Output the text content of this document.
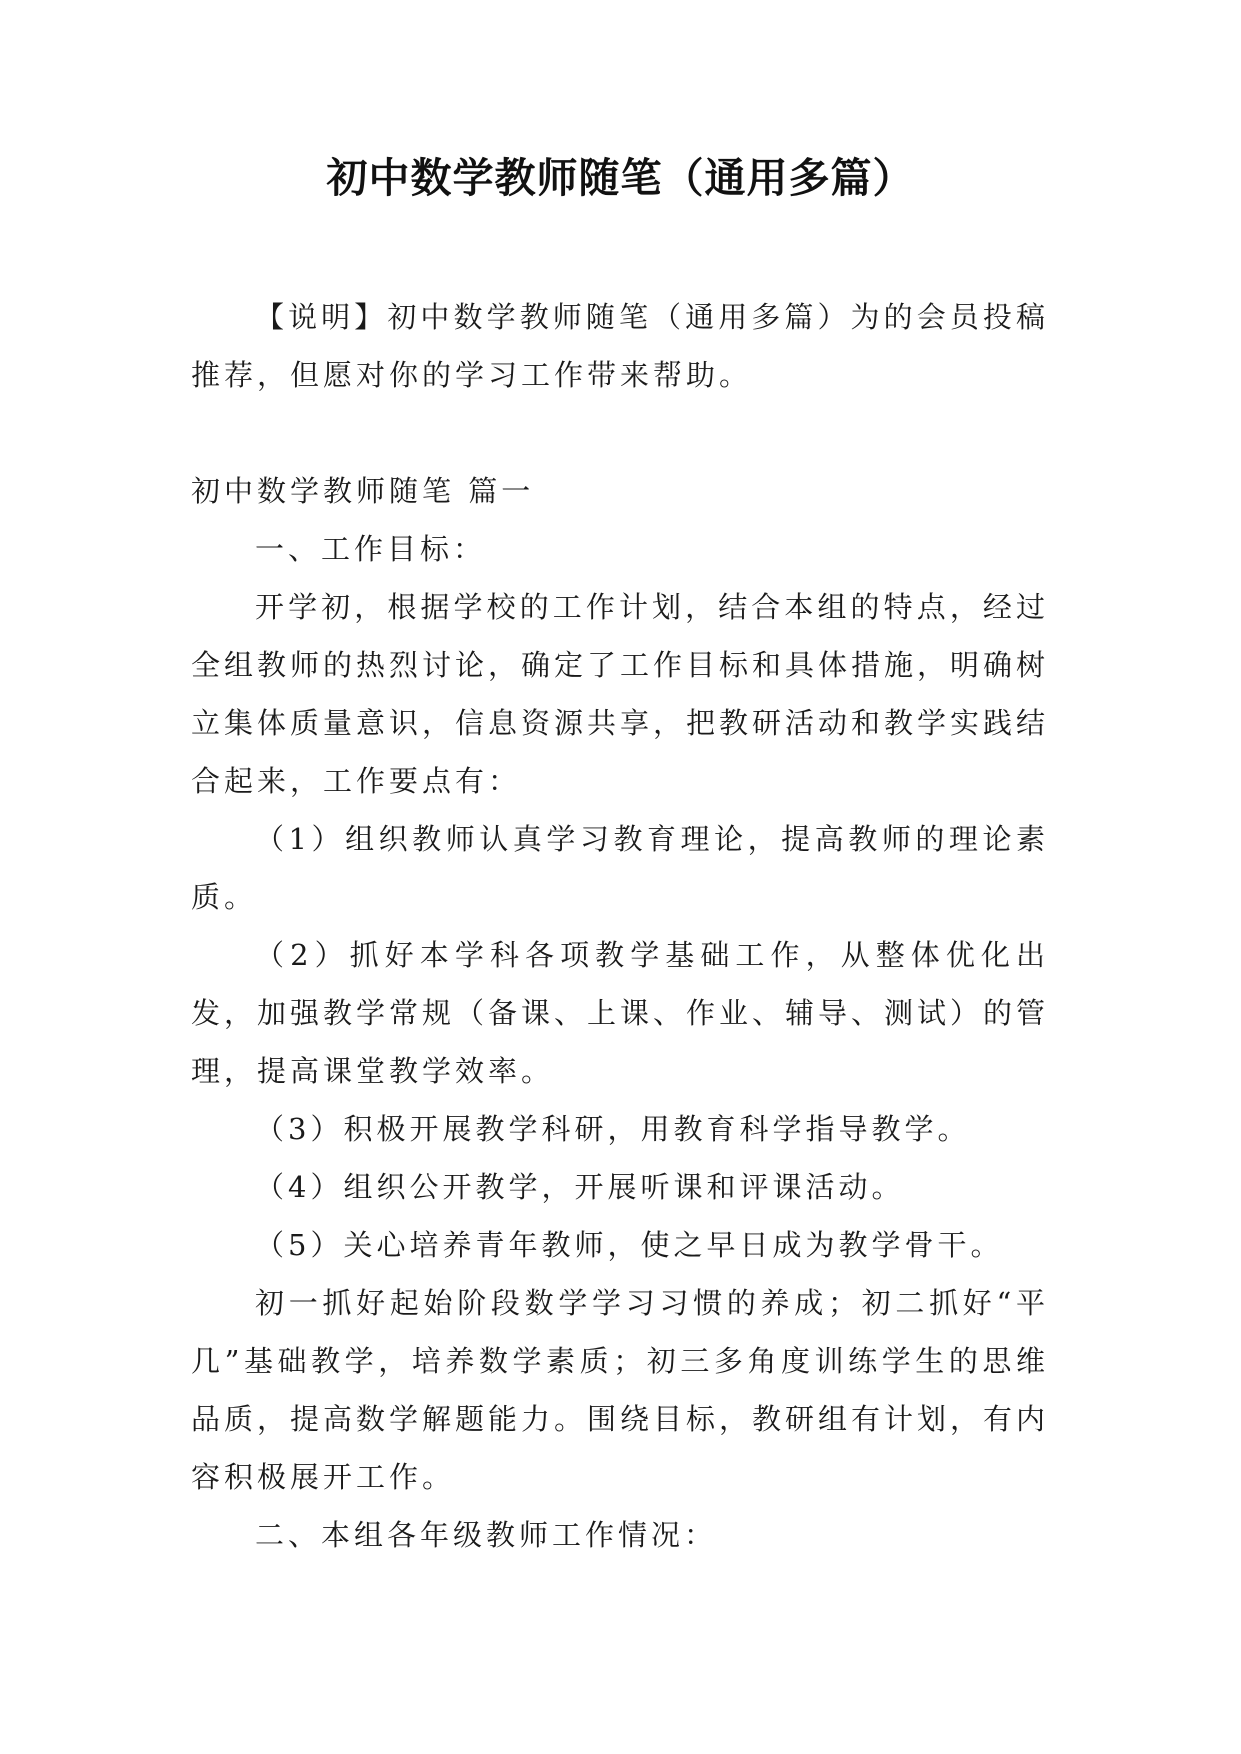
初中数学教师随笔（通用多篇）

【说明】初中数学教师随笔（通用多篇）为的会员投稿推荐，但愿对你的学习工作带来帮助。

初中数学教师随笔 篇一

一、工作目标：

开学初，根据学校的工作计划，结合本组的特点，经过全组教师的热烈讨论，确定了工作目标和具体措施，明确树立集体质量意识，信息资源共享，把教研活动和教学实践结合起来，工作要点有：

（1）组织教师认真学习教育理论，提高教师的理论素质。

（2）抓好本学科各项教学基础工作，从整体优化出发，加强教学常规（备课、上课、作业、辅导、测试）的管理，提高课堂教学效率。

（3）积极开展教学科研，用教育科学指导教学。

（4）组织公开教学，开展听课和评课活动。

（5）关心培养青年教师，使之早日成为教学骨干。

初一抓好起始阶段数学学习习惯的养成；初二抓好“平几”基础教学，培养数学素质；初三多角度训练学生的思维品质，提高数学解题能力。围绕目标，教研组有计划，有内容积极展开工作。

二、本组各年级教师工作情况：
